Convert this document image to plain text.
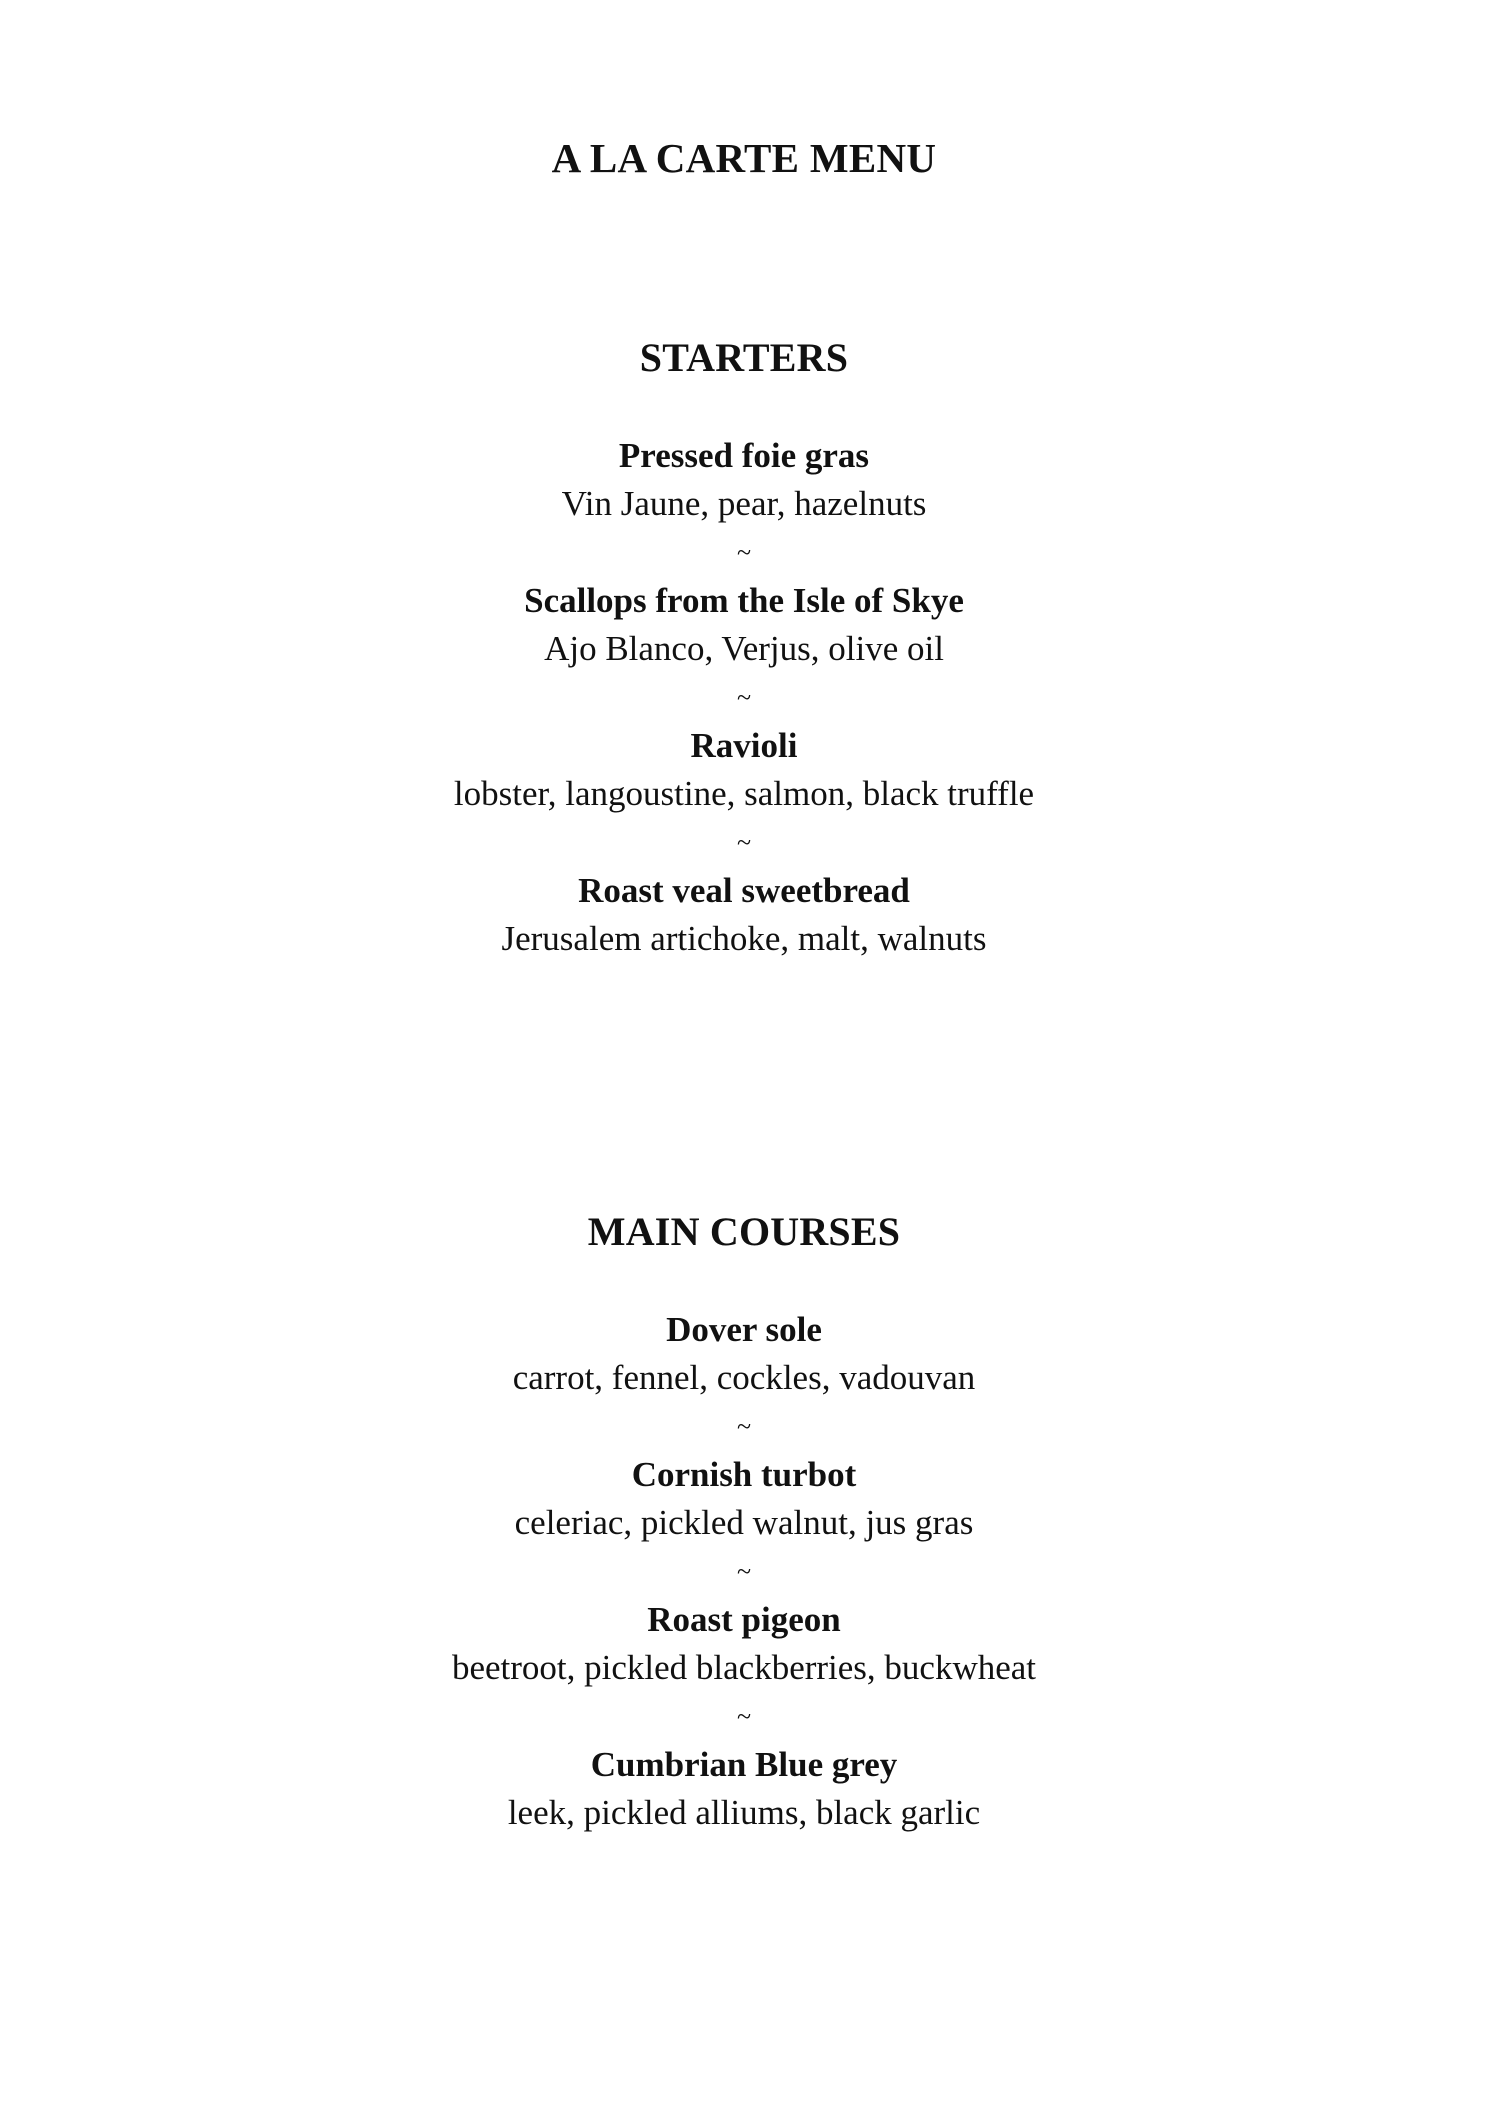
A LA CARTE MENU
STARTERS
Pressed foie gras
Vin Jaune, pear, hazelnuts
~
Scallops from the Isle of Skye
Ajo Blanco, Verjus, olive oil
~
Ravioli
lobster, langoustine, salmon, black truffle
~
Roast veal sweetbread
Jerusalem artichoke, malt, walnuts
MAIN COURSES
Dover sole
carrot, fennel, cockles, vadouvan
~
Cornish turbot
celeriac, pickled walnut, jus gras
~
Roast pigeon
beetroot, pickled blackberries, buckwheat
~
Cumbrian Blue grey
leek, pickled alliums, black garlic
